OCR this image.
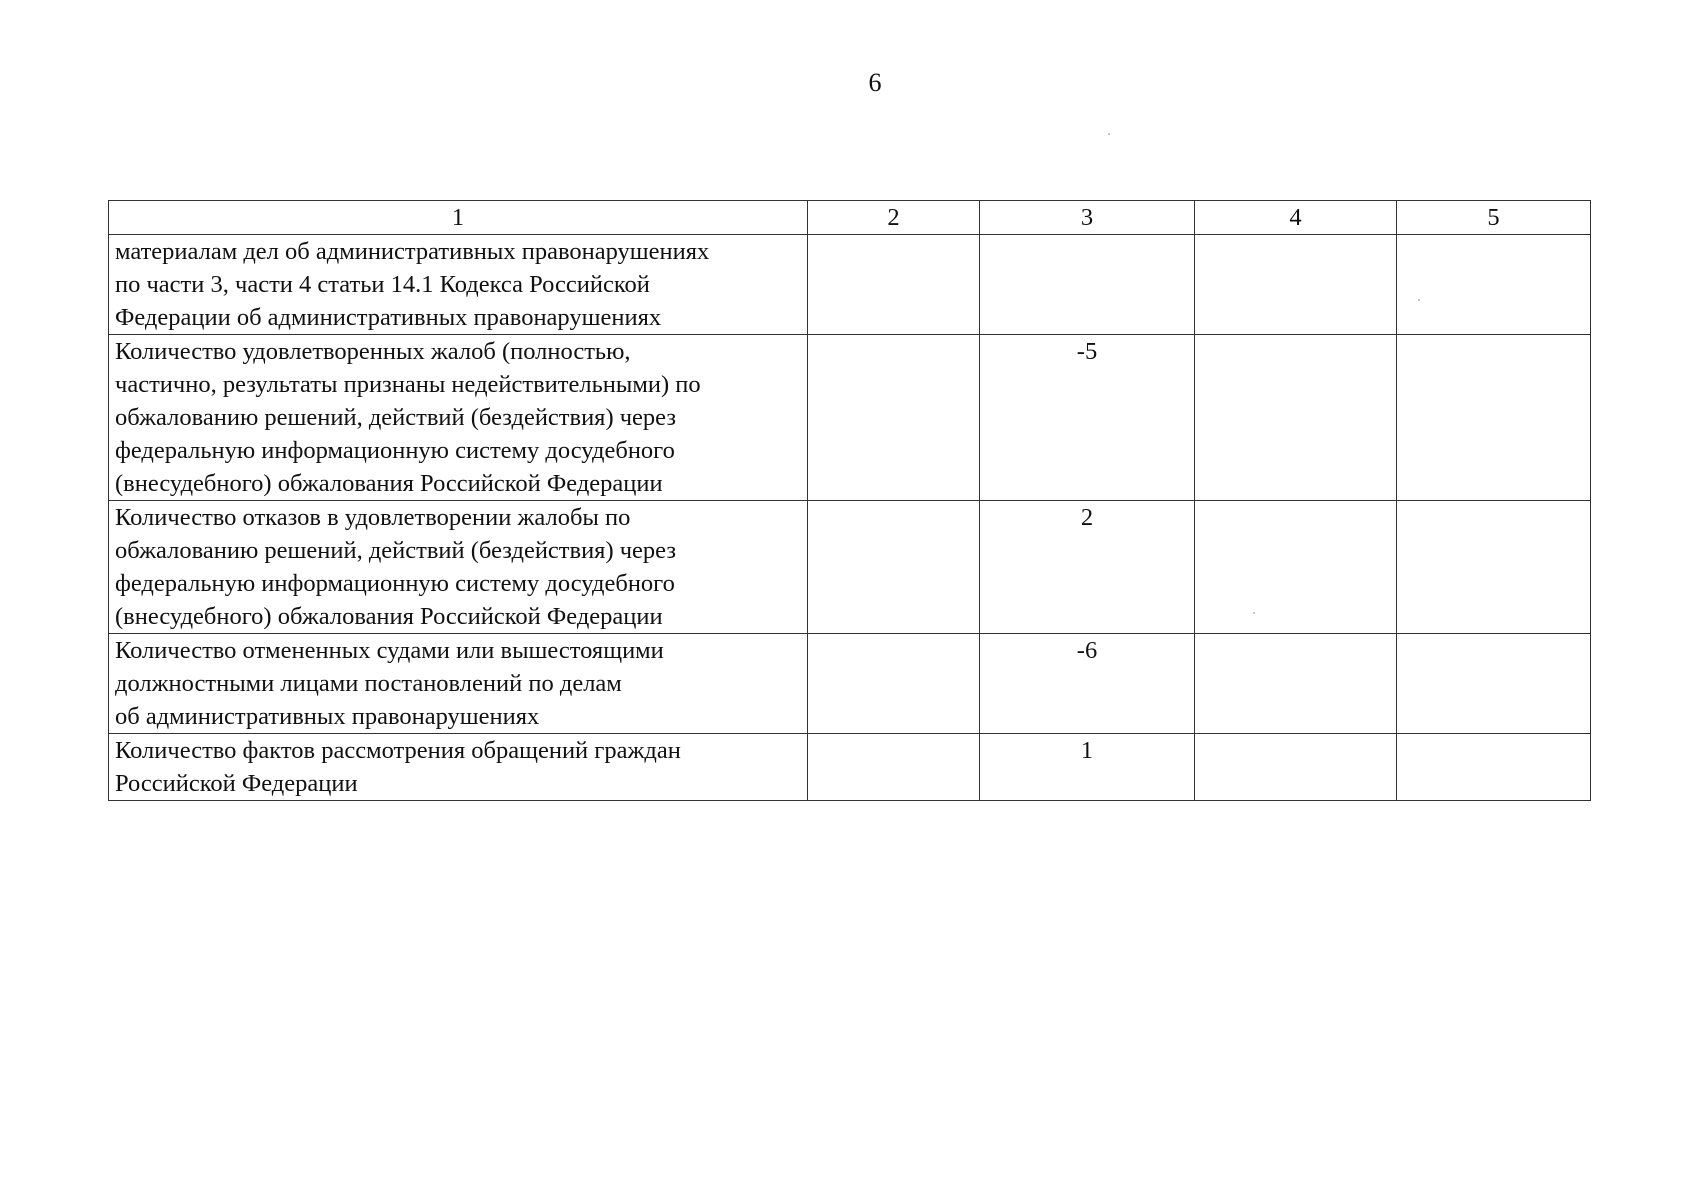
6
1	2	3	4	5
материалам дел об административных правонарушениях
по части 3, части 4 статьи 14.1 Кодекса Российской
Федерации об административных правонарушениях				
Количество удовлетворенных жалоб (полностью,
частично, результаты признаны недействительными) по
обжалованию решений, действий (бездействия) через
федеральную информационную систему досудебного
(внесудебного) обжалования Российской Федерации		-5		
Количество отказов в удовлетворении жалобы по
обжалованию решений, действий (бездействия) через
федеральную информационную систему досудебного
(внесудебного) обжалования Российской Федерации		2		
Количество отмененных судами или вышестоящими
должностными лицами постановлений по делам
об административных правонарушениях		-6		
Количество фактов рассмотрения обращений граждан
Российской Федерации		1		
